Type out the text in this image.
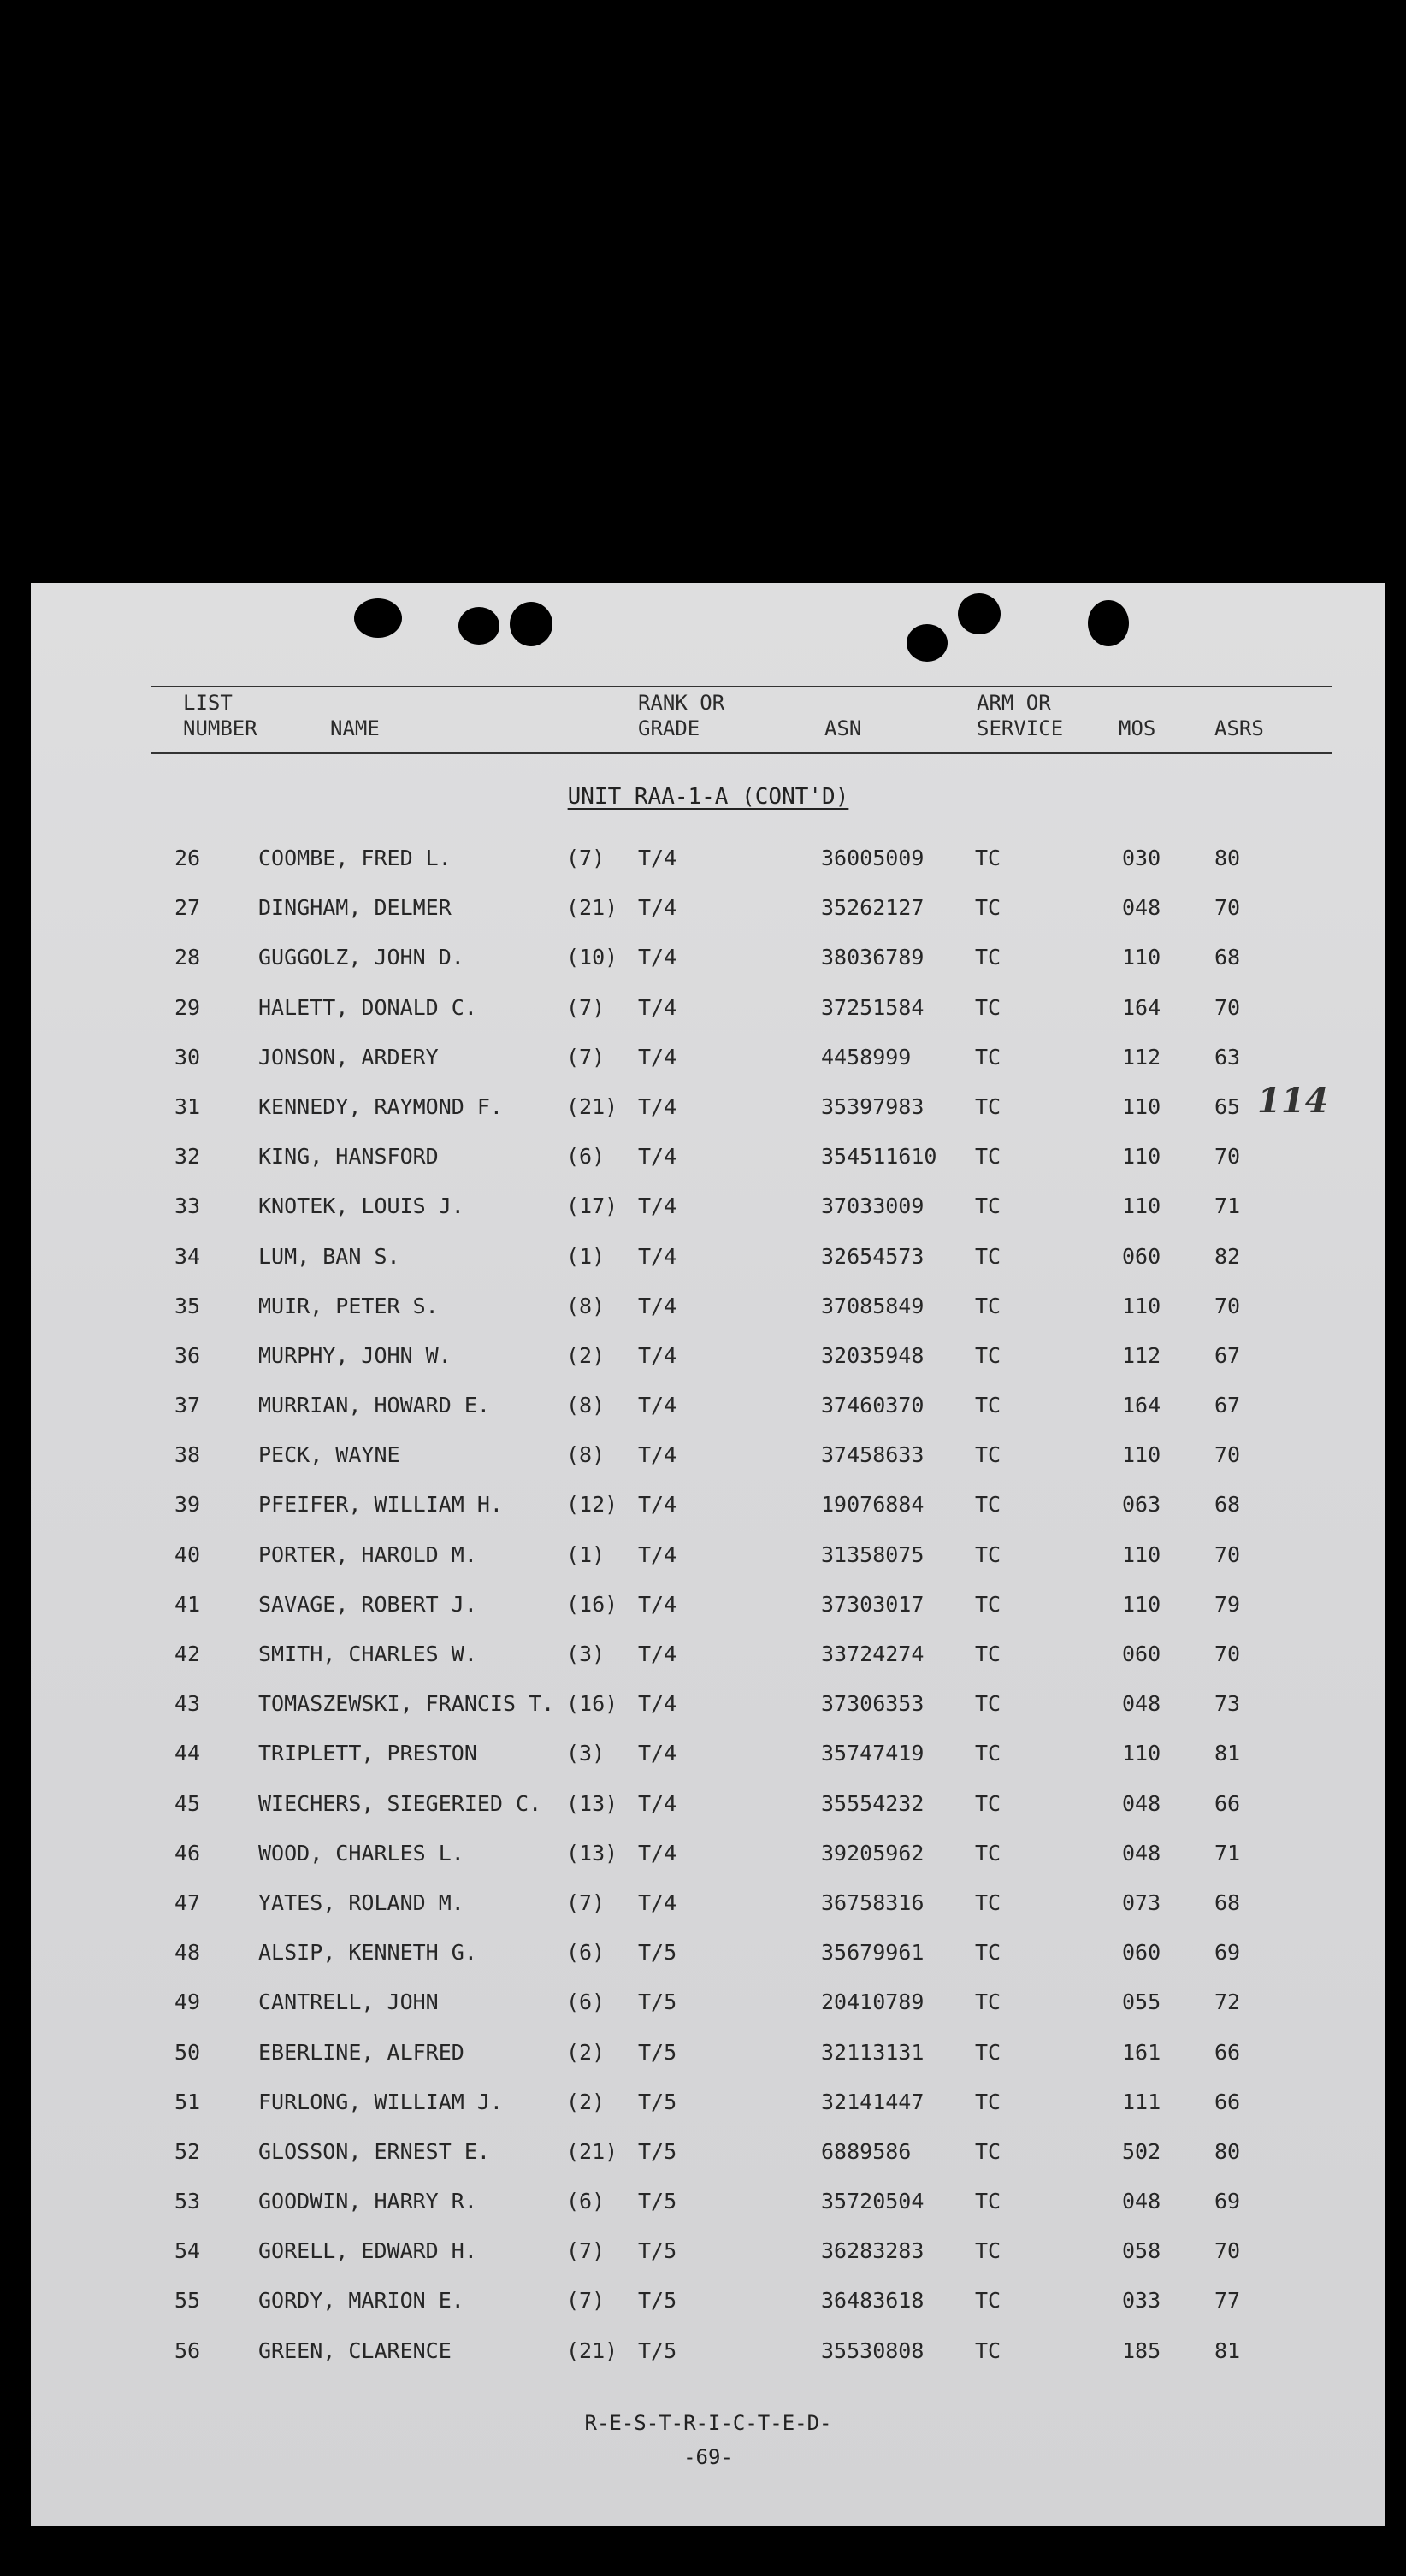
LIST
NUMBER	NAME
RANK OR
GRADE	ASN
ARM OR
SERVICE	MOS	ASRS
UNIT RAA-1-A (CONT'D)
114
26	COOMBE, FRED L.	(7) T/4	36005009 TC	030	80
27	DINGHAM, DELMER	(21) T/4	35262127 TC	048	70
28	GUGGOLZ, JOHN D.	(10) T/4	38036789 TC	110	68
29	HALETT, DONALD C.	(7) T/4	37251584 TC	164	70
30	JONSON, ARDERY	(7) T/4	4458999	TC	112	63
31	KENNEDY, RAYMOND F.	(21) T/4	35397983 TC	110	65
32	KING, HANSFORD	(6) T/4	354511610 TC	110	70
33	KNOTEK, LOUIS J.	(17) T/4	37033009 TC	110	71
34	LUM, BAN S.	(1) T/4	32654573 TC	060	82
35	MUIR, PETER S.	(8) T/4	37085849 TC	110	70
36	MURPHY, JOHN W.	(2) T/4	32035948 TC	112	67
37	MURRIAN, HOWARD E.	(8) T/4	37460370 TC	164	67
38	PECK, WAYNE	(8) T/4	37458633 TC	110	70
39	PFEIFER, WILLIAM H.	(12) T/4	19076884 TC	063	68
40	PORTER, HAROLD M.	(1) T/4	31358075 TC	110	70
41	SAVAGE, ROBERT J.	(16) T/4	37303017 TC	110	79
42	SMITH, CHARLES W.	(3) T/4	33724274 TC	060	70
43	TOMASZEWSKI, FRANCIS T. (16) T/4	37306353 TC	048	73
44	TRIPLETT, PRESTON	(3) T/4	35747419 TC	110	81
45	WIECHERS, SIEGERIED C. (13) T/4	35554232 TC	048	66
46	WOOD, CHARLES L.	(13) T/4	39205962 TC	048	71
47	YATES, ROLAND M.	(7) T/4	36758316 TC	073	68
48	ALSIP, KENNETH G.	(6) T/5	35679961 TC	060	69
49	CANTRELL, JOHN	(6) T/5	20410789 TC	055	72
50	EBERLINE, ALFRED	(2) T/5	32113131 TC	161	66
51	FURLONG, WILLIAM J.	(2) T/5	32141447 TC	111	66
52	GLOSSON, ERNEST E.	(21) T/5	6889586	TC	502	80
53	GOODWIN, HARRY R.	(6) T/5	35720504 TC	048	69
54	GORELL, EDWARD H.	(7) T/5	36283283 TC	058	70
55	GORDY, MARION E.	(7) T/5	36483618 TC	033	77
56	GREEN, CLARENCE	(21) T/5	35530808 TC	185	81
R-E-S-T-R-I-C-T-E-D-
-69-
